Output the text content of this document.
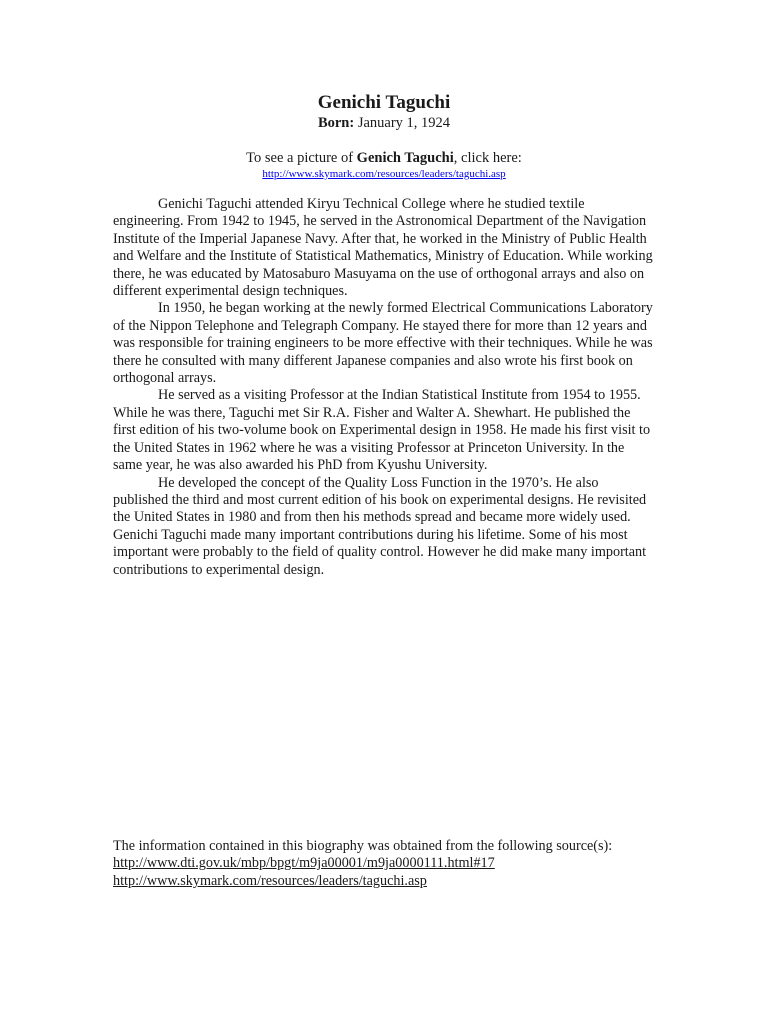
Genichi Taguchi
Born: January 1, 1924
To see a picture of Genich Taguchi, click here:
http://www.skymark.com/resources/leaders/taguchi.asp

Genichi Taguchi attended Kiryu Technical College where he studied textile engineering. From 1942 to 1945, he served in the Astronomical Department of the Navigation Institute of the Imperial Japanese Navy. After that, he worked in the Ministry of Public Health and Welfare and the Institute of Statistical Mathematics, Ministry of Education. While working there, he was educated by Matosaburo Masuyama on the use of orthogonal arrays and also on different experimental design techniques.

In 1950, he began working at the newly formed Electrical Communications Laboratory of the Nippon Telephone and Telegraph Company. He stayed there for more than 12 years and was responsible for training engineers to be more effective with their techniques. While he was there he consulted with many different Japanese companies and also wrote his first book on orthogonal arrays.

He served as a visiting Professor at the Indian Statistical Institute from 1954 to 1955. While he was there, Taguchi met Sir R.A. Fisher and Walter A. Shewhart. He published the first edition of his two-volume book on Experimental design in 1958. He made his first visit to the United States in 1962 where he was a visiting Professor at Princeton University. In the same year, he was also awarded his PhD from Kyushu University.

He developed the concept of the Quality Loss Function in the 1970’s. He also published the third and most current edition of his book on experimental designs. He revisited the United States in 1980 and from then his methods spread and became more widely used. Genichi Taguchi made many important contributions during his lifetime. Some of his most important were probably to the field of quality control. However he did make many important contributions to experimental design.

The information contained in this biography was obtained from the following source(s):
http://www.dti.gov.uk/mbp/bpgt/m9ja00001/m9ja0000111.html#17
http://www.skymark.com/resources/leaders/taguchi.asp
